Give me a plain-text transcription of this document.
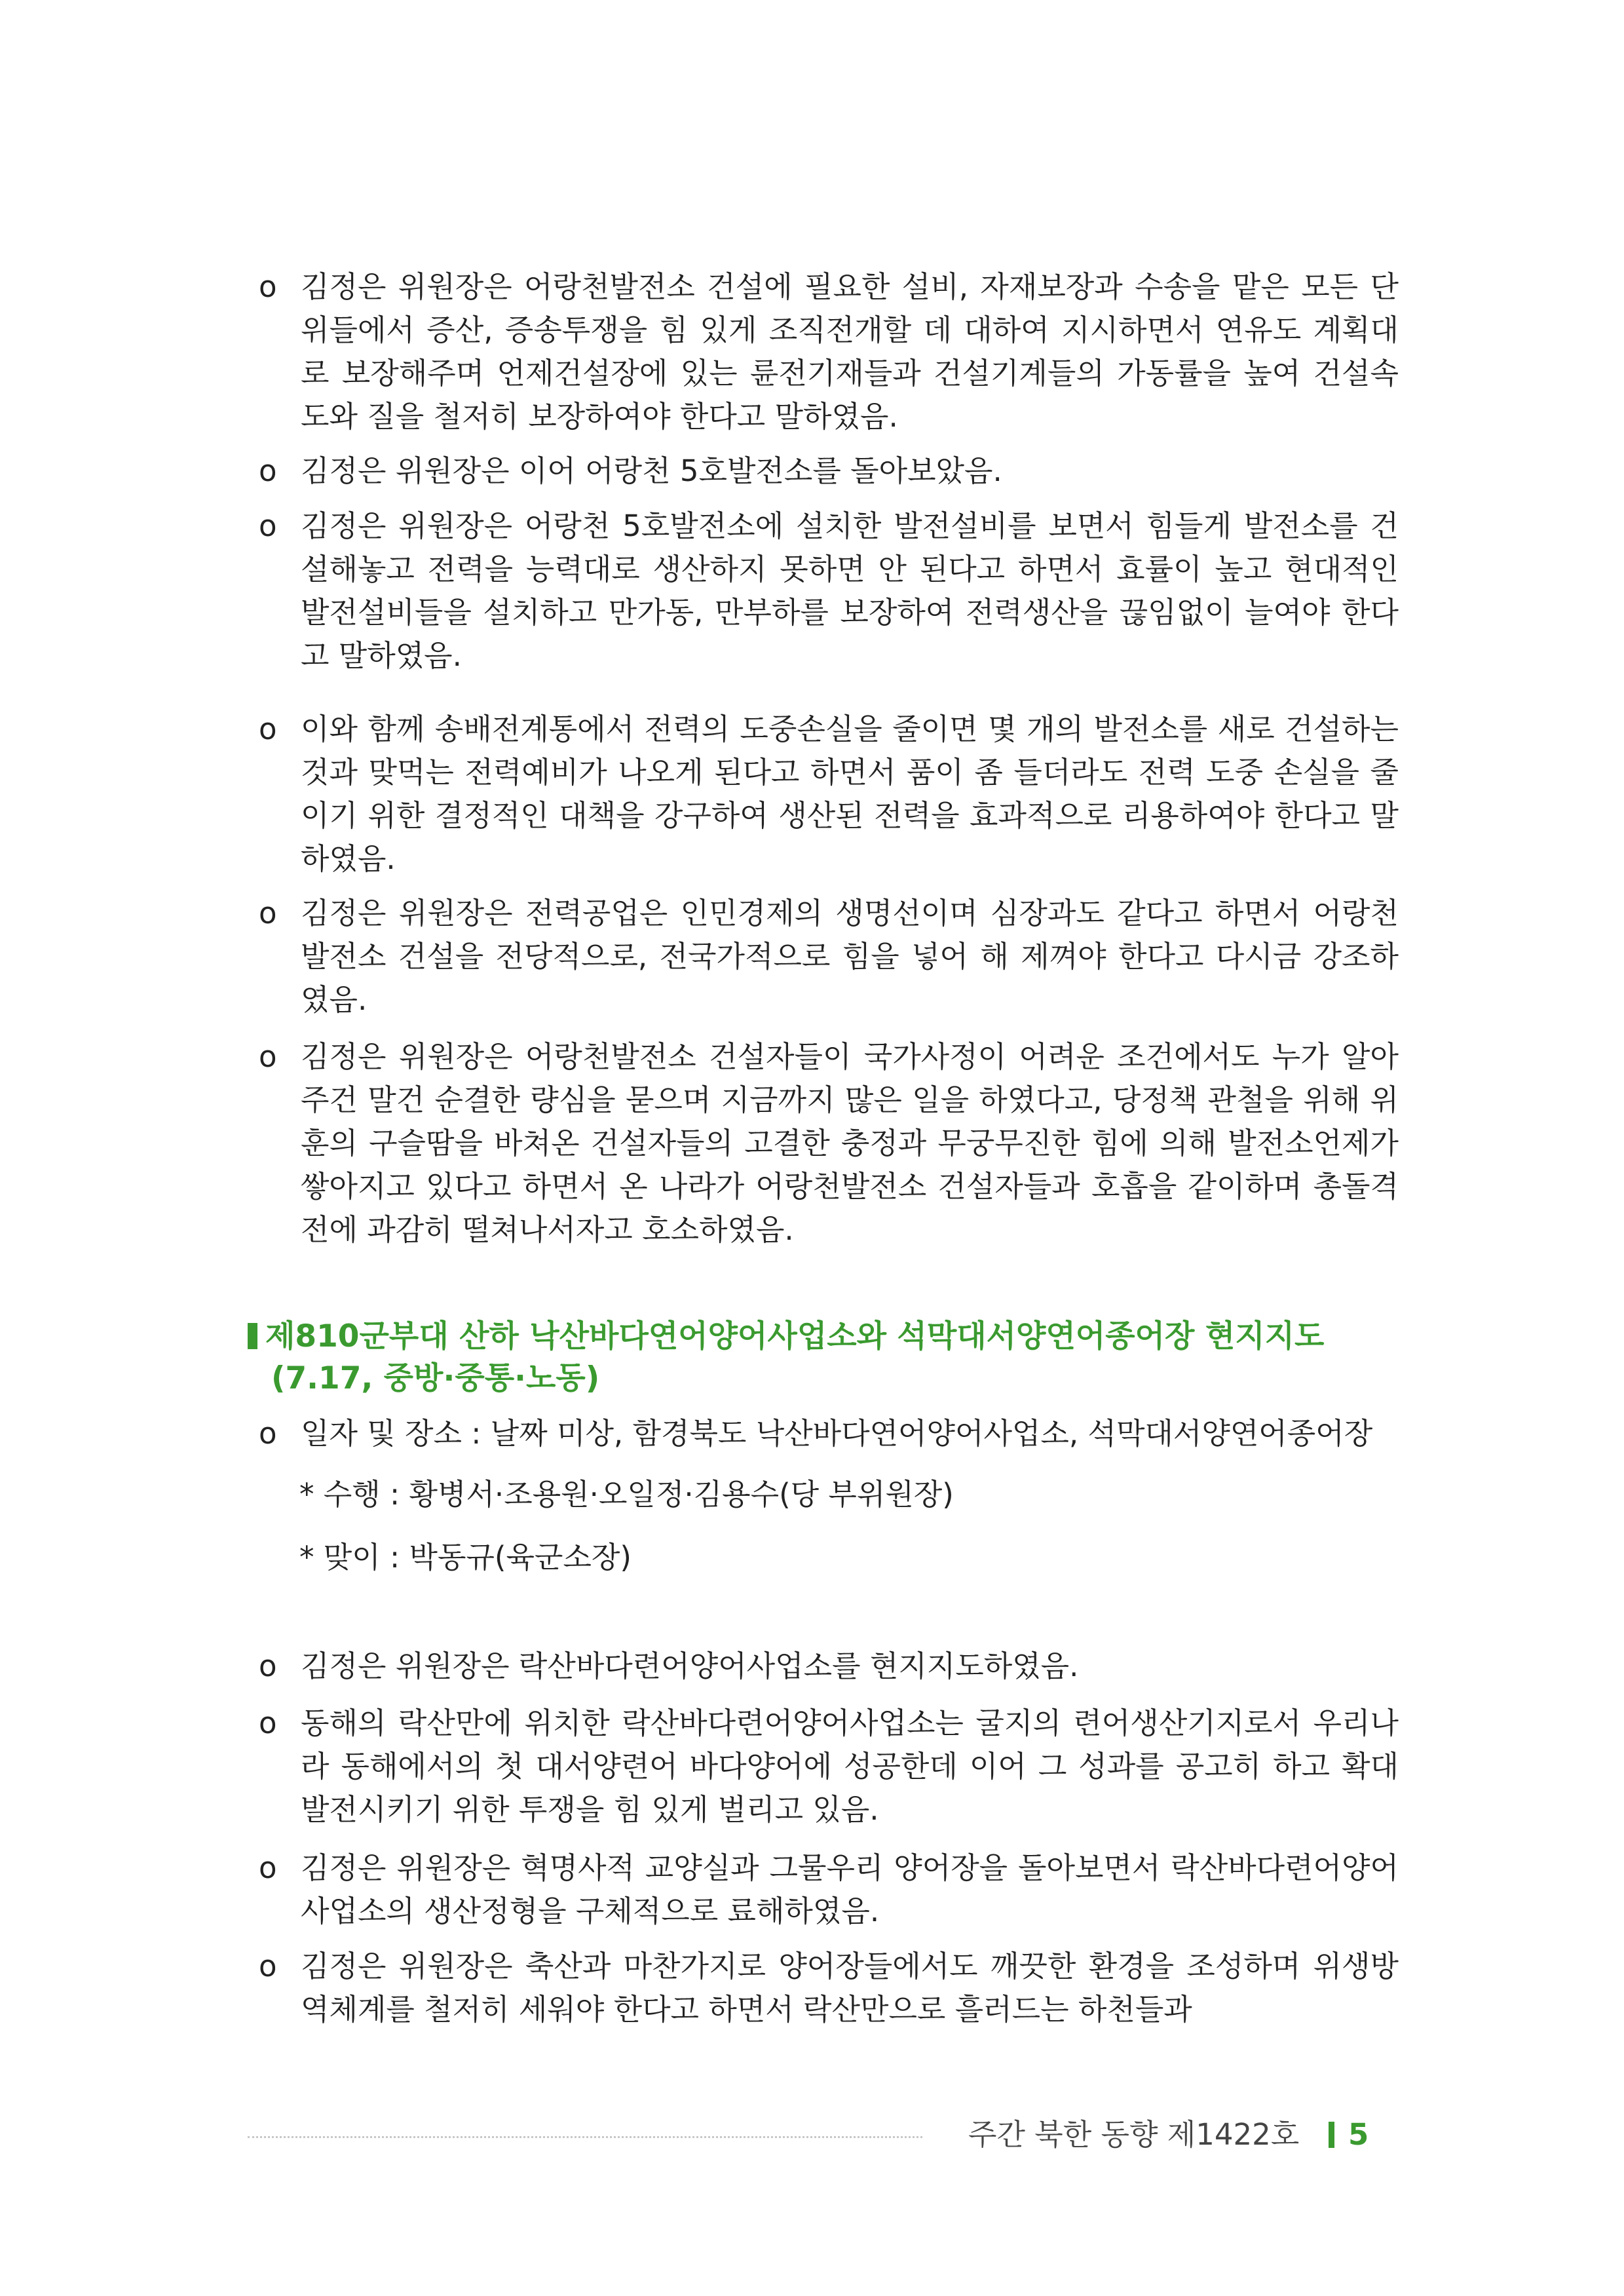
o 김정은 위원장은 어랑천발전소 건설에 필요한 설비, 자재보장과 수송을 맡은 모든 단위들에서 증산, 증송투쟁을 힘 있게 조직전개할 데 대하여 지시하면서 연유도 계획대로 보장해주며 언제건설장에 있는 륜전기재들과 건설기계들의 가동률을 높여 건설속도와 질을 철저히 보장하여야 한다고 말하였음.
o 김정은 위원장은 이어 어랑천 5호발전소를 돌아보았음.
o 김정은 위원장은 어랑천 5호발전소에 설치한 발전설비를 보면서 힘들게 발전소를 건설해놓고 전력을 능력대로 생산하지 못하면 안 된다고 하면서 효률이 높고 현대적인 발전설비들을 설치하고 만가동, 만부하를 보장하여 전력생산을 끊임없이 늘여야 한다고 말하였음.
o 이와 함께 송배전계통에서 전력의 도중손실을 줄이면 몇 개의 발전소를 새로 건설하는 것과 맞먹는 전력예비가 나오게 된다고 하면서 품이 좀 들더라도 전력 도중 손실을 줄이기 위한 결정적인 대책을 강구하여 생산된 전력을 효과적으로 리용하여야 한다고 말하였음.
o 김정은 위원장은 전력공업은 인민경제의 생명선이며 심장과도 같다고 하면서 어랑천발전소 건설을 전당적으로, 전국가적으로 힘을 넣어 해 제껴야 한다고 다시금 강조하였음.
o 김정은 위원장은 어랑천발전소 건설자들이 국가사정이 어려운 조건에서도 누가 알아주건 말건 순결한 량심을 묻으며 지금까지 많은 일을 하였다고, 당정책 관철을 위해 위훈의 구슬땀을 바쳐온 건설자들의 고결한 충정과 무궁무진한 힘에 의해 발전소언제가 쌓아지고 있다고 하면서 온 나라가 어랑천발전소 건설자들과 호흡을 같이하며 총돌격전에 과감히 떨쳐나서자고 호소하였음.
제810군부대 산하 낙산바다연어양어사업소와 석막대서양연어종어장 현지지도
(7.17, 중방·중통·노동)
o 일자 및 장소 : 날짜 미상, 함경북도 낙산바다연어양어사업소, 석막대서양연어종어장
* 수행 : 황병서·조용원·오일정·김용수(당 부위원장)
* 맞이 : 박동규(육군소장)
o 김정은 위원장은 락산바다련어양어사업소를 현지지도하였음.
o 동해의 락산만에 위치한 락산바다련어양어사업소는 굴지의 련어생산기지로서 우리나라 동해에서의 첫 대서양련어 바다양어에 성공한데 이어 그 성과를 공고히 하고 확대발전시키기 위한 투쟁을 힘 있게 벌리고 있음.
o 김정은 위원장은 혁명사적 교양실과 그물우리 양어장을 돌아보면서 락산바다련어양어사업소의 생산정형을 구체적으로 료해하였음.
o 김정은 위원장은 축산과 마찬가지로 양어장들에서도 깨끗한 환경을 조성하며 위생방역체계를 철저히 세워야 한다고 하면서 락산만으로 흘러드는 하천들과
주간 북한 동향 제1422호 5
